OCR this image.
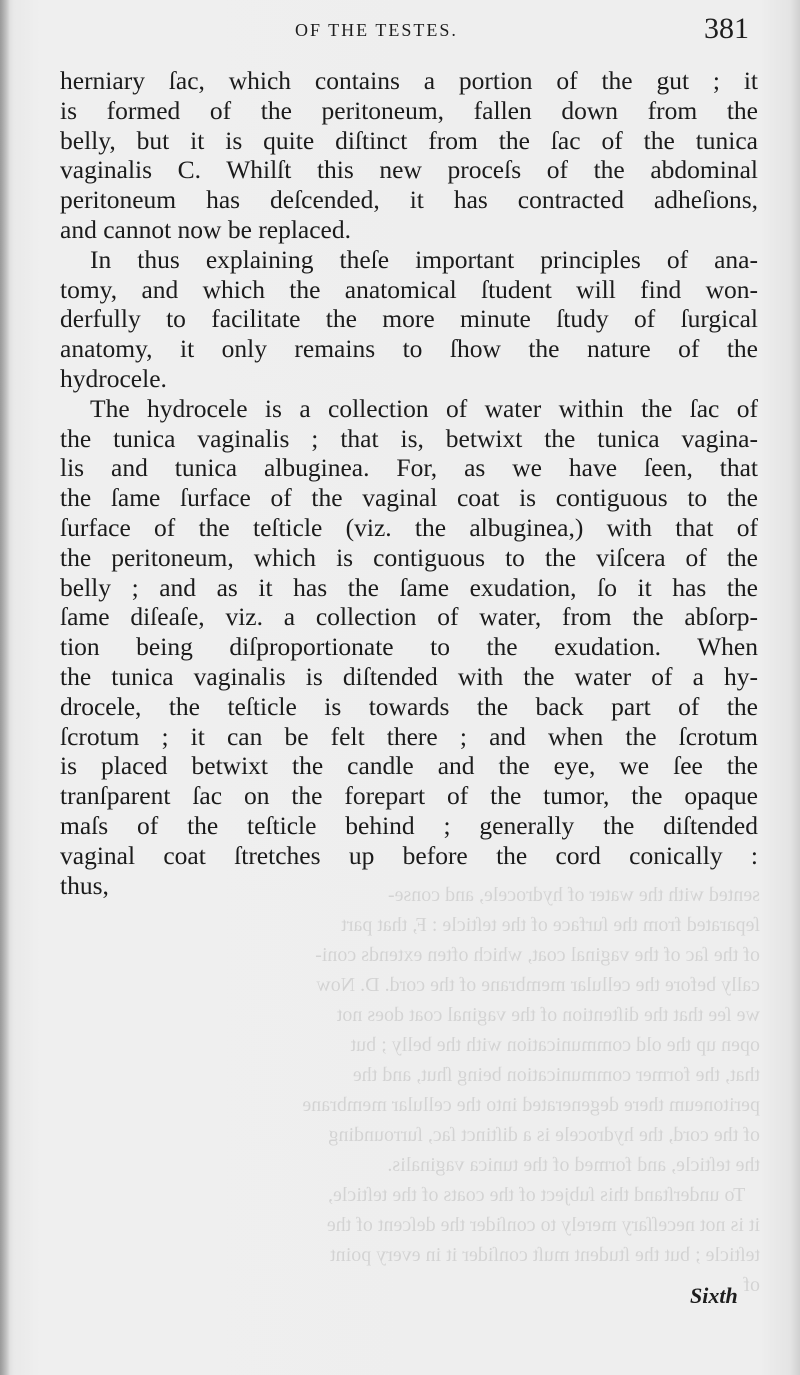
sented with the water of hydrocele, and conse-
ſeparated from the ſurface of the teſticle : F, that part
of the ſac of the vaginal coat, which often extends coni-
cally before the cellular membrane of the cord. D. Now
we ſee that the diſtention of the vaginal coat does not
open up the old communication with the belly ; but
that, the former communication being ſhut, and the
peritoneum there degenerated into the cellular membrane
of the cord, the hydrocele is a diſtinct ſac, ſurrounding
the teſticle, and formed of the tunica vaginalis.
To underſtand this ſubject of the coats of the teſticle,
it is not neceſſary merely to conſider the deſcent of the
teſticle ; but the ſtudent muſt conſider it in every point
of
OF THE TESTES.	381
herniary ſac, which contains a portion of the gut ; it
is formed of the peritoneum, fallen down from the
belly, but it is quite diſtinct from the ſac of the tunica
vaginalis C. Whilſt this new proceſs of the abdominal
peritoneum has deſcended, it has contracted adheſions,
and cannot now be replaced.
In thus explaining theſe important principles of ana-
tomy, and which the anatomical ſtudent will find won-
derfully to facilitate the more minute ſtudy of ſurgical
anatomy, it only remains to ſhow the nature of the
hydrocele.
The hydrocele is a collection of water within the ſac of
the tunica vaginalis ; that is, betwixt the tunica vagina-
lis and tunica albuginea. For, as we have ſeen, that
the ſame ſurface of the vaginal coat is contiguous to the
ſurface of the teſticle (viz. the albuginea,) with that of
the peritoneum, which is contiguous to the viſcera of the
belly ; and as it has the ſame exudation, ſo it has the
ſame diſeaſe, viz. a collection of water, from the abſorp-
tion being diſproportionate to the exudation. When
the tunica vaginalis is diſtended with the water of a hy-
drocele, the teſticle is towards the back part of the
ſcrotum ; it can be felt there ; and when the ſcrotum
is placed betwixt the candle and the eye, we ſee the
tranſparent ſac on the forepart of the tumor, the opaque
maſs of the teſticle behind ; generally the diſtended
vaginal coat ſtretches up before the cord conically :
thus,
Sixth
